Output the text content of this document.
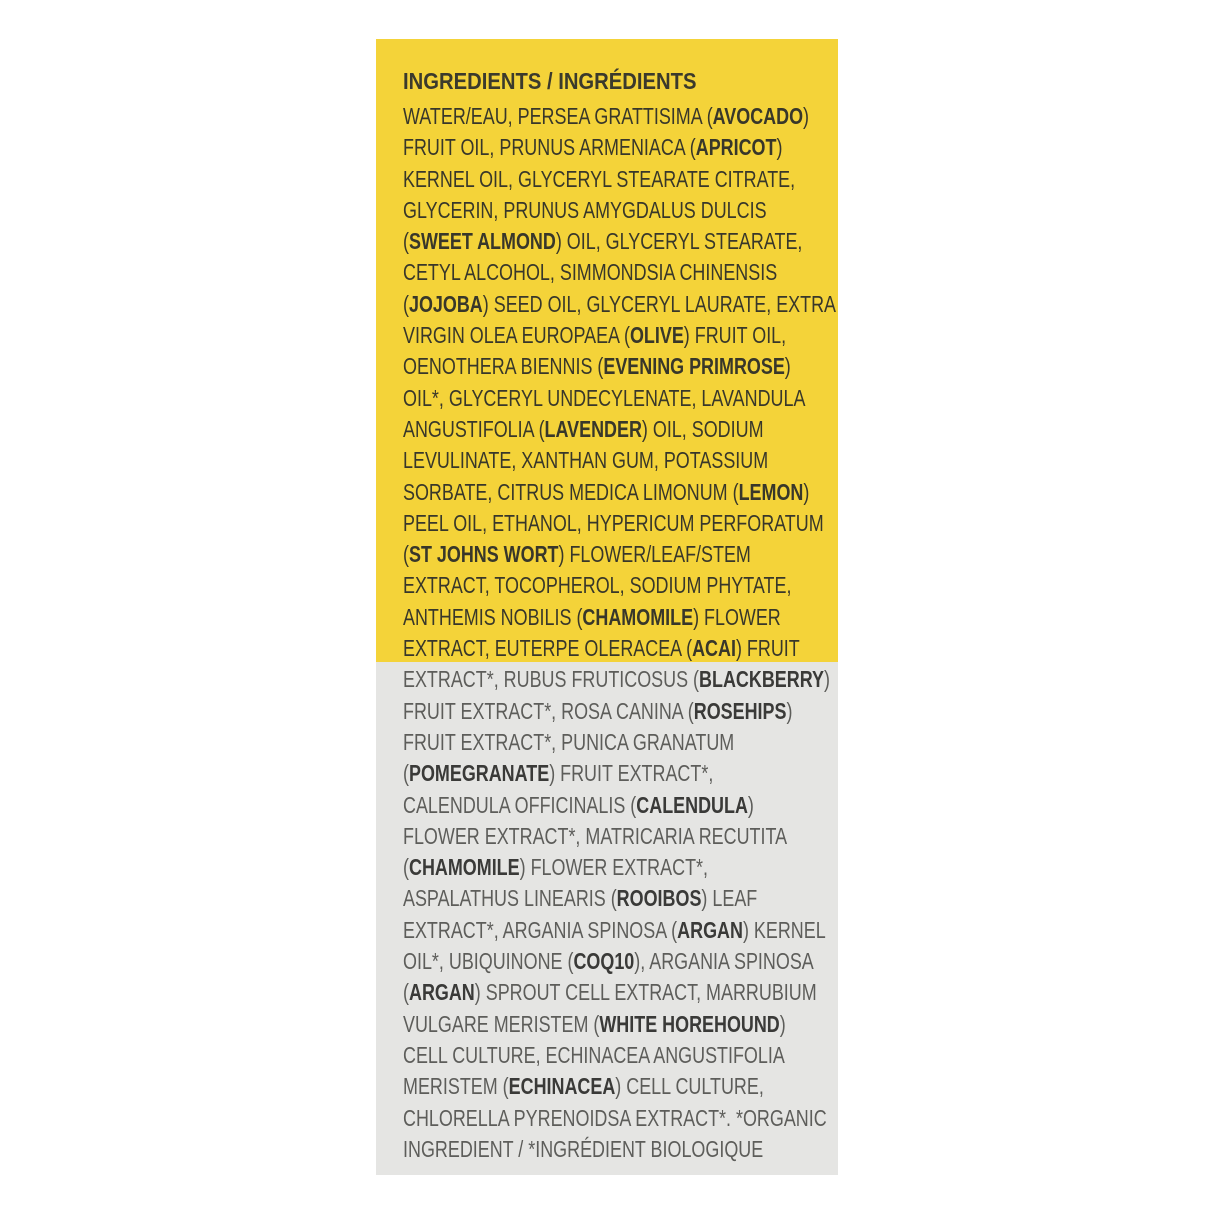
INGREDIENTS / INGRÉDIENTS
WATER/EAU, PERSEA GRATTISIMA (AVOCADO)
FRUIT OIL, PRUNUS ARMENIACA (APRICOT)
KERNEL OIL, GLYCERYL STEARATE CITRATE,
GLYCERIN, PRUNUS AMYGDALUS DULCIS
(SWEET ALMOND) OIL, GLYCERYL STEARATE,
CETYL ALCOHOL, SIMMONDSIA CHINENSIS
(JOJOBA) SEED OIL, GLYCERYL LAURATE, EXTRA
VIRGIN OLEA EUROPAEA (OLIVE) FRUIT OIL,
OENOTHERA BIENNIS (EVENING PRIMROSE)
OIL*, GLYCERYL UNDECYLENATE, LAVANDULA
ANGUSTIFOLIA (LAVENDER) OIL, SODIUM
LEVULINATE, XANTHAN GUM, POTASSIUM
SORBATE, CITRUS MEDICA LIMONUM (LEMON)
PEEL OIL, ETHANOL, HYPERICUM PERFORATUM
(ST JOHNS WORT) FLOWER/LEAF/STEM
EXTRACT, TOCOPHEROL, SODIUM PHYTATE,
ANTHEMIS NOBILIS (CHAMOMILE) FLOWER
EXTRACT, EUTERPE OLERACEA (ACAI) FRUIT
EXTRACT*, RUBUS FRUTICOSUS (BLACKBERRY)
FRUIT EXTRACT*, ROSA CANINA (ROSEHIPS)
FRUIT EXTRACT*, PUNICA GRANATUM
(POMEGRANATE) FRUIT EXTRACT*,
CALENDULA OFFICINALIS (CALENDULA)
FLOWER EXTRACT*, MATRICARIA RECUTITA
(CHAMOMILE) FLOWER EXTRACT*,
ASPALATHUS LINEARIS (ROOIBOS) LEAF
EXTRACT*, ARGANIA SPINOSA (ARGAN) KERNEL
OIL*, UBIQUINONE (COQ10), ARGANIA SPINOSA
(ARGAN) SPROUT CELL EXTRACT, MARRUBIUM
VULGARE MERISTEM (WHITE HOREHOUND)
CELL CULTURE, ECHINACEA ANGUSTIFOLIA
MERISTEM (ECHINACEA) CELL CULTURE,
CHLORELLA PYRENOIDSA EXTRACT*. *ORGANIC
INGREDIENT / *INGRÉDIENT BIOLOGIQUE
